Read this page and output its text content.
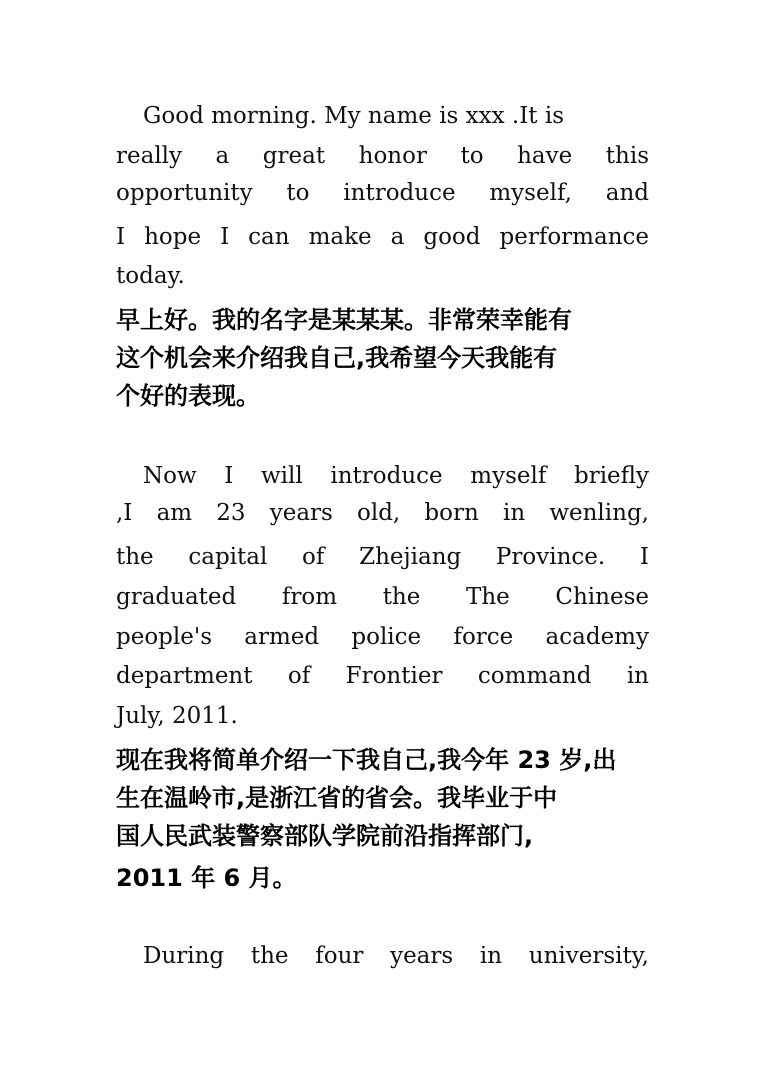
Good morning. My name is xxx .It is

really a great honor to have this

opportunity to introduce myself, and

I hope I can make a good performance

today.

早上好。我的名字是某某某。非常荣幸能有

这个机会来介绍我自己,我希望今天我能有

个好的表现。

Now I will introduce myself briefly

,I am 23 years old, born in wenling,

the capital of Zhejiang Province. I

graduated from the The Chinese

people's armed police force academy

department of Frontier command in

July, 2011.

现在我将简单介绍一下我自己,我今年 23 岁,出

生在温岭市,是浙江省的省会。我毕业于中

国人民武装警察部队学院前沿指挥部门,

2011 年 6 月。

During the four years in university,
